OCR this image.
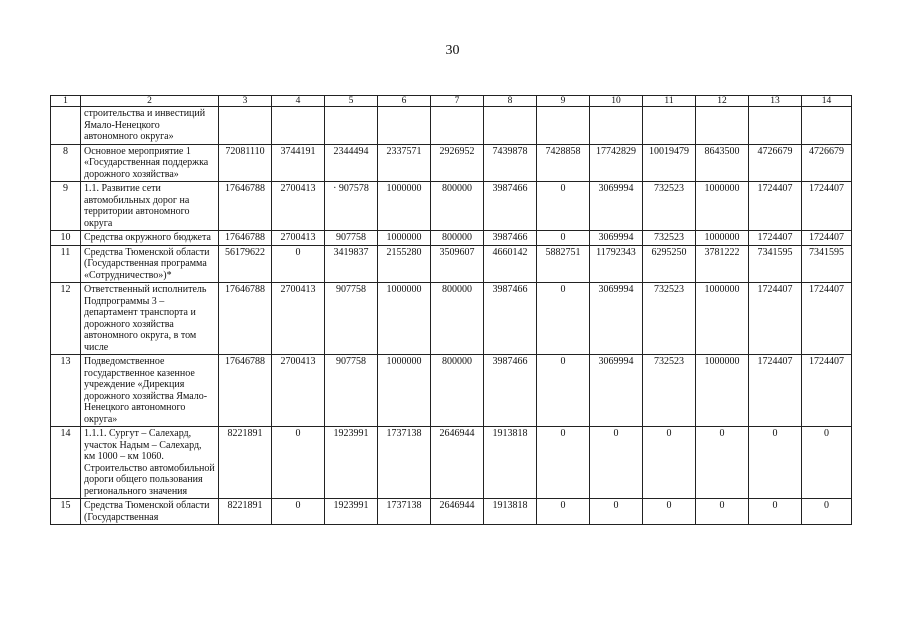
30
1	2	3	4	5	6	7	8	9	10	11	12	13	14
	строительства и инвестиций Ямало-Ненецкого автономного округа»												
8	Основное мероприятие 1 «Государственная поддержка дорожного хозяйства»	72081110	3744191	2344494	2337571	2926952	7439878	7428858	17742829	10019479	8643500	4726679	4726679
9	1.1. Развитие сети автомобильных дорог на территории автономного округа	17646788	2700413	· 907578	1000000	800000	3987466	0	3069994	732523	1000000	1724407	1724407
10	Средства окружного бюджета	17646788	2700413	907758	1000000	800000	3987466	0	3069994	732523	1000000	1724407	1724407
11	Средства Тюменской области (Государственная программа «Сотрудничество»)*	56179622	0	3419837	2155280	3509607	4660142	5882751	11792343	6295250	3781222	7341595	7341595
12	Ответственный исполнитель Подпрограммы 3 – департамент транспорта и дорожного хозяйства автономного округа, в том числе	17646788	2700413	907758	1000000	800000	3987466	0	3069994	732523	1000000	1724407	1724407
13	Подведомственное государственное казенное учреждение «Дирекция дорожного хозяйства Ямало-Ненецкого автономного округа»	17646788	2700413	907758	1000000	800000	3987466	0	3069994	732523	1000000	1724407	1724407
14	1.1.1. Сургут – Салехард, участок Надым – Салехард, км 1000 – км 1060. Строительство автомобильной дороги общего пользования регионального значения	8221891	0	1923991	1737138	2646944	1913818	0	0	0	0	0	0
15	Средства Тюменской области (Государственная	8221891	0	1923991	1737138	2646944	1913818	0	0	0	0	0	0
